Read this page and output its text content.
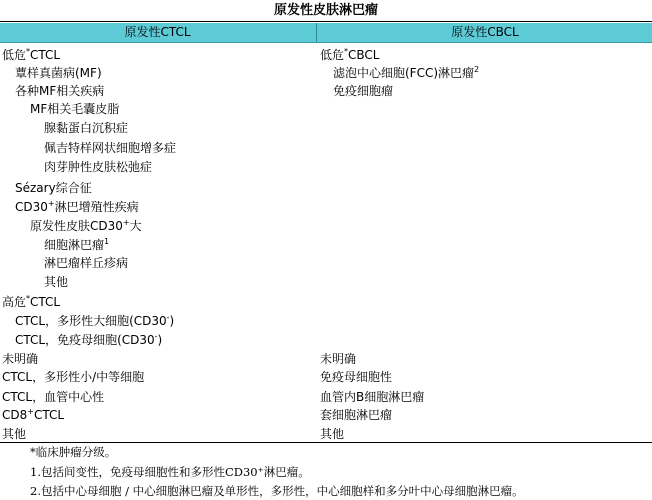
原发性皮肤淋巴瘤
原发性CTCL	原发性CBCL
低危*CTCL
蕈样真菌病(MF)
各种MF相关疾病
MF相关毛囊皮脂
腺黏蛋白沉积症
佩吉特样网状细胞增多症
肉芽肿性皮肤松弛症
Sézary综合征
CD30+淋巴增殖性疾病
原发性皮肤CD30+大
细胞淋巴瘤$^1$
淋巴瘤样丘疹病
其他
高危*CTCL
CTCL，多形性大细胞(CD30-)
CTCL，免疫母细胞(CD30-)
未明确
CTCL，多形性小/中等细胞
CTCL，血管中心性
CD8+CTCL
其他
低危*CBCL
滤泡中心细胞(FCC)淋巴瘤$^2$
免疫细胞瘤
未明确
免疫母细胞性
血管内B细胞淋巴瘤
套细胞淋巴瘤
其他
*临床肿瘤分级。
1.包括间变性，免疫母细胞性和多形性CD30⁺淋巴瘤。
2.包括中心母细胞 / 中心细胞淋巴瘤及单形性，多形性，中心细胞样和多分叶中心母细胞淋巴瘤。
